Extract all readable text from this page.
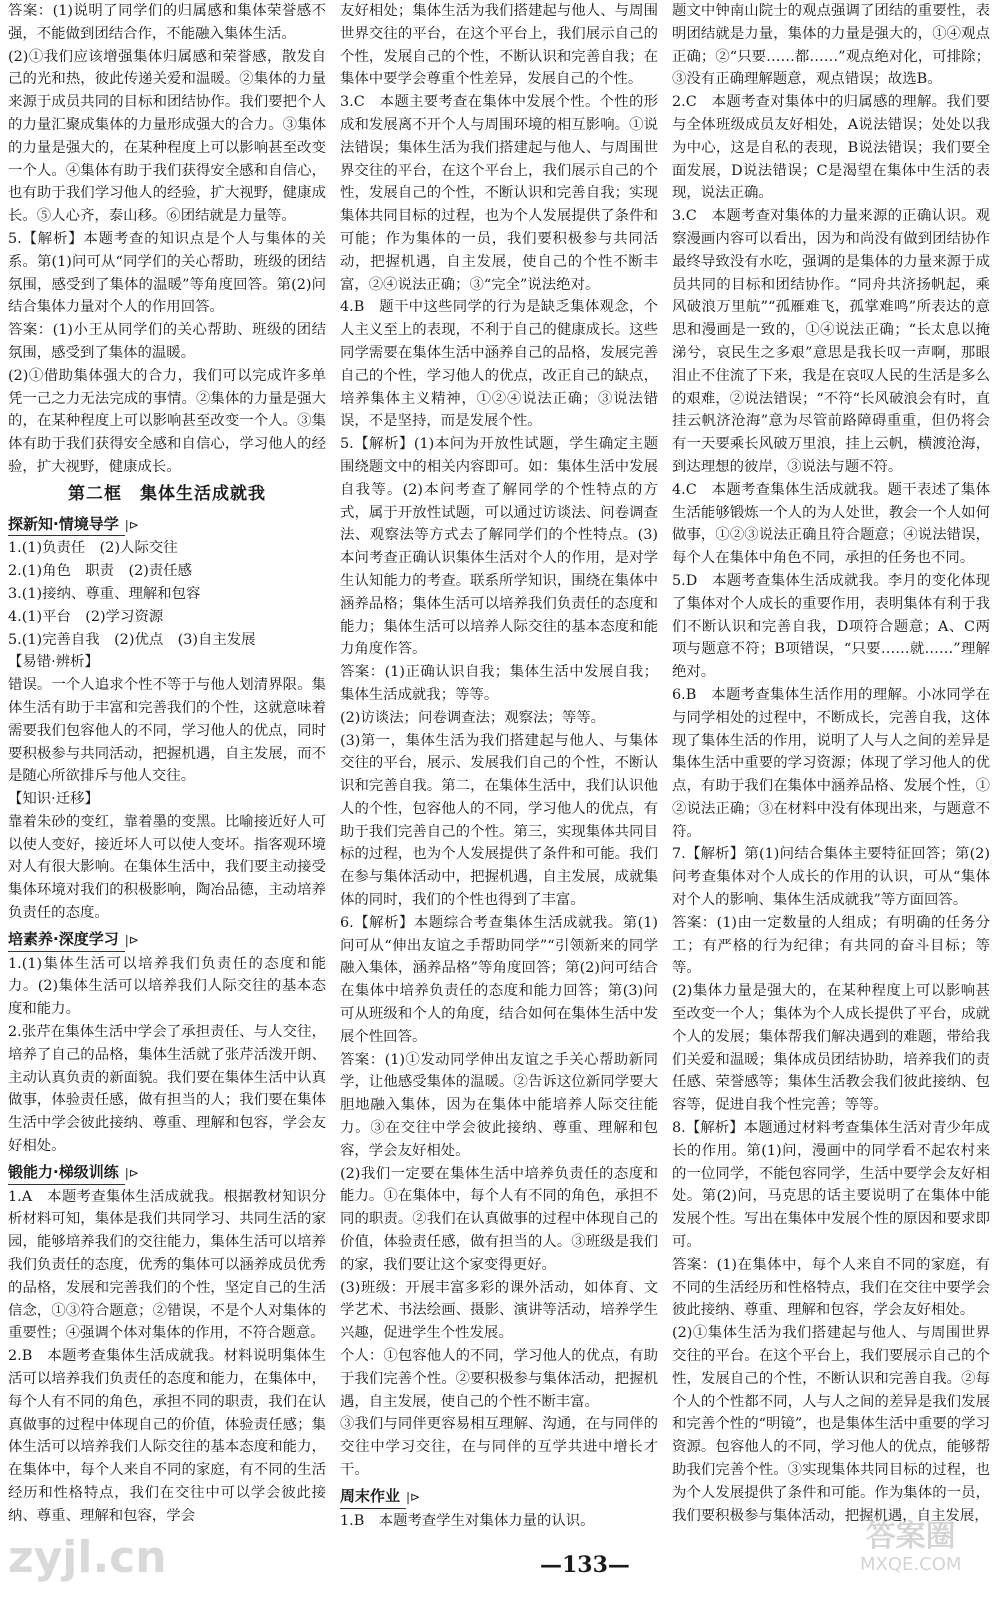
答案：(1)说明了同学们的归属感和集体荣誉感不强，不能做到团结合作，不能融入集体生活。

(2)①我们应该增强集体归属感和荣誉感，散发自己的光和热，彼此传递关爱和温暖。②集体的力量来源于成员共同的目标和团结协作。我们要把个人的力量汇聚成集体的力量形成强大的合力。③集体的力量是强大的，在某种程度上可以影响甚至改变一个人。④集体有助于我们获得安全感和自信心，也有助于我们学习他人的经验，扩大视野，健康成长。⑤人心齐，泰山移。⑥团结就是力量等。

5.【解析】本题考查的知识点是个人与集体的关系。第(1)问可从“同学们的关心帮助，班级的团结氛围，感受到了集体的温暖”等角度回答。第(2)问结合集体力量对个人的作用回答。

答案：(1)小王从同学们的关心帮助、班级的团结氛围，感受到了集体的温暖。

(2)①借助集体强大的合力，我们可以完成许多单凭一己之力无法完成的事情。②集体的力量是强大的，在某种程度上可以影响甚至改变一个人。③集体有助于我们获得安全感和自信心，学习他人的经验，扩大视野，健康成长。

第二框　集体生活成就我
探新知·情境导学 |⊳

1.(1)负责任　(2)人际交往

2.(1)角色　职责　(2)责任感

3.(1)接纳、尊重、理解和包容

4.(1)平台　(2)学习资源

5.(1)完善自我　(2)优点　(3)自主发展

【易错·辨析】

错误。一个人追求个性不等于与他人划清界限。集体生活有助于丰富和完善我们的个性，这就意味着需要我们包容他人的不同，学习他人的优点，同时要积极参与共同活动，把握机遇，自主发展，而不是随心所欲排斥与他人交往。

【知识·迁移】

靠着朱砂的变红，靠着墨的变黑。比喻接近好人可以使人变好，接近坏人可以使人变坏。指客观环境对人有很大影响。在集体生活中，我们要主动接受集体环境对我们的积极影响，陶冶品德，主动培养负责任的态度。

培素养·深度学习 |⊳

1.(1)集体生活可以培养我们负责任的态度和能力。(2)集体生活可以培养我们人际交往的基本态度和能力。

2.张芹在集体生活中学会了承担责任、与人交往，培养了自己的品格，集体生活就了张芹活泼开朗、主动认真负责的新面貌。我们要在集体生活中认真做事，体验责任感，做有担当的人；我们要在集体生活中学会彼此接纳、尊重、理解和包容，学会友好相处。

锻能力·梯级训练 |⊳

1.A　本题考查集体生活成就我。根据教材知识分析材料可知，集体是我们共同学习、共同生活的家园，能够培养我们的交往能力，集体生活可以培养我们负责任的态度，优秀的集体可以涵养成员优秀的品格，发展和完善我们的个性，坚定自己的生活信念，①③符合题意；②错误，不是个人对集体的重要性；④强调个体对集体的作用，不符合题意。

2.B　本题考查集体生活成就我。材料说明集体生活可以培养我们负责任的态度和能力，在集体中，每个人有不同的角色，承担不同的职责，我们在认真做事的过程中体现自己的价值，体验责任感；集体生活可以培养我们人际交往的基本态度和能力，在集体中，每个人来自不同的家庭，有不同的生活经历和性格特点，我们在交往中可以学会彼此接纳、尊重、理解和包容，学会

友好相处；集体生活为我们搭建起与他人、与周围世界交往的平台，在这个平台上，我们展示自己的个性，发展自己的个性，不断认识和完善自我；在集体中要学会尊重个性差异，发展自己的个性。

3.C　本题主要考查在集体中发展个性。个性的形成和发展离不开个人与周围环境的相互影响。①说法错误；集体生活为我们搭建起与他人、与周围世界交往的平台，在这个平台上，我们展示自己的个性，发展自己的个性，不断认识和完善自我；实现集体共同目标的过程，也为个人发展提供了条件和可能；作为集体的一员，我们要积极参与共同活动，把握机遇，自主发展，使自己的个性不断丰富，②④说法正确；③“完全”说法绝对。

4.B　题干中这些同学的行为是缺乏集体观念，个人主义至上的表现，不利于自己的健康成长。这些同学需要在集体生活中涵养自己的品格，发展完善自己的个性，学习他人的优点，改正自己的缺点，培养集体主义精神，①②④说法正确；③说法错误，不是坚持，而是发展个性。

5.【解析】(1)本问为开放性试题，学生确定主题围绕题文中的相关内容即可。如：集体生活中发展自我等。(2)本问考查了解同学的个性特点的方式，属于开放性试题，可以通过访谈法、问卷调查法、观察法等方式去了解同学们的个性特点。(3)本问考查正确认识集体生活对个人的作用，是对学生认知能力的考查。联系所学知识，围绕在集体中涵养品格；集体生活可以培养我们负责任的态度和能力；集体生活可以培养人际交往的基本态度和能力角度作答。

答案：(1)正确认识自我；集体生活中发展自我；集体生活成就我；等等。

(2)访谈法；问卷调查法；观察法；等等。

(3)第一，集体生活为我们搭建起与他人、与集体交往的平台，展示、发展我们自己的个性，不断认识和完善自我。第二，在集体生活中，我们认识他人的个性，包容他人的不同，学习他人的优点，有助于我们完善自己的个性。第三，实现集体共同目标的过程，也为个人发展提供了条件和可能。我们在参与集体活动中，把握机遇，自主发展，成就集体的同时，我们的个性也得到了丰富。

6.【解析】本题综合考查集体生活成就我。第(1)问可从“伸出友谊之手帮助同学”“引领新来的同学融入集体，涵养品格”等角度回答；第(2)问可结合在集体中培养负责任的态度和能力回答；第(3)问可从班级和个人的角度，结合如何在集体生活中发展个性回答。

答案：(1)①发动同学伸出友谊之手关心帮助新同学，让他感受集体的温暖。②告诉这位新同学要大胆地融入集体，因为在集体中能培养人际交往能力。③在交往中学会彼此接纳、尊重、理解和包容，学会友好相处。

(2)我们一定要在集体生活中培养负责任的态度和能力。①在集体中，每个人有不同的角色，承担不同的职责。②我们在认真做事的过程中体现自己的价值，体验责任感，做有担当的人。③班级是我们的家，我们要让这个家变得更好。

(3)班级：开展丰富多彩的课外活动，如体育、文学艺术、书法绘画、摄影、演讲等活动，培养学生兴趣，促进学生个性发展。

个人：①包容他人的不同，学习他人的优点，有助于我们完善个性。②要积极参与集体活动，把握机遇，自主发展，使自己的个性不断丰富。

③我们与同伴更容易相互理解、沟通，在与同伴的交往中学习交往，在与同伴的互学共进中增长才干。

周末作业 |⊳

1.B　本题考查学生对集体力量的认识。

题文中钟南山院士的观点强调了团结的重要性，表明团结就是力量，集体的力量是强大的，①④观点正确；②“只要……都……”观点绝对化，可排除；③没有正确理解题意，观点错误；故选B。

2.C　本题考查对集体中的归属感的理解。我们要与全体班级成员友好相处，A说法错误；处处以我为中心，这是自私的表现，B说法错误；我们要全面发展，D说法错误；C是渴望在集体中生活的表现，说法正确。

3.C　本题考查对集体的力量来源的正确认识。观察漫画内容可以看出，因为和尚没有做到团结协作最终导致没有水吃，强调的是集体的力量来源于成员共同的目标和团结协作。“同舟共济扬帆起，乘风破浪万里航”“孤雁难飞，孤掌难鸣”所表达的意思和漫画是一致的，①④说法正确；“长太息以掩涕兮，哀民生之多艰”意思是我长叹一声啊，那眼泪止不住流了下来，我是在哀叹人民的生活是多么的艰难，②说法错误；“不符“长风破浪会有时，直挂云帆济沧海”意为尽管前路障碍重重，但仍将会有一天要乘长风破万里浪，挂上云帆，横渡沧海，到达理想的彼岸，③说法与题不符。

4.C　本题考查集体生活成就我。题干表述了集体生活能够锻炼一个人的为人处世，教会一个人如何做事，①②③说法正确且符合题意；④说法错误，每个人在集体中角色不同，承担的任务也不同。

5.D　本题考查集体生活成就我。李月的变化体现了集体对个人成长的重要作用，表明集体有利于我们不断认识和完善自我，D项符合题意；A、C两项与题意不符；B项错误，“只要……就……”理解绝对。

6.B　本题考查集体生活作用的理解。小冰同学在与同学相处的过程中，不断成长，完善自我，这体现了集体生活的作用，说明了人与人之间的差异是集体生活中重要的学习资源；体现了学习他人的优点，有助于我们在集体中涵养品格、发展个性，①②说法正确；③在材料中没有体现出来，与题意不符。

7.【解析】第(1)问结合集体主要特征回答；第(2)问考查集体对个人成长的作用的认识，可从“集体对个人的影响、集体生活成就我”等方面回答。

答案：(1)由一定数量的人组成；有明确的任务分工；有严格的行为纪律；有共同的奋斗目标；等等。

(2)集体力量是强大的，在某种程度上可以影响甚至改变一个人；集体为个人成长提供了平台，成就个人的发展；集体帮我们解决遇到的难题，带给我们关爱和温暖；集体成员团结协助，培养我们的责任感、荣誉感等；集体生活教会我们彼此接纳、包容等，促进自我个性完善；等等。

8.【解析】本题通过材料考查集体生活对青少年成长的作用。第(1)问，漫画中的同学看不起农村来的一位同学，不能包容同学，生活中要学会友好相处。第(2)问，马克思的话主要说明了在集体中能发展个性。写出在集体中发展个性的原因和要求即可。

答案：(1)在集体中，每个人来自不同的家庭，有不同的生活经历和性格特点，我们在交往中要学会彼此接纳、尊重、理解和包容，学会友好相处。

(2)①集体生活为我们搭建起与他人、与周围世界交往的平台。在这个平台上，我们要展示自己的个性，发展自己的个性，不断认识和完善自我。②每个人的个性都不同，人与人之间的差异是我们发展和完善个性的“明镜”，也是集体生活中重要的学习资源。包容他人的不同，学习他人的优点，能够帮助我们完善个性。③实现集体共同目标的过程，也为个人发展提供了条件和可能。作为集体的一员，我们要积极参与集体活动，把握机遇，自主发展，

—133—
zyjl.cn	答案圈
MXQE.COM
